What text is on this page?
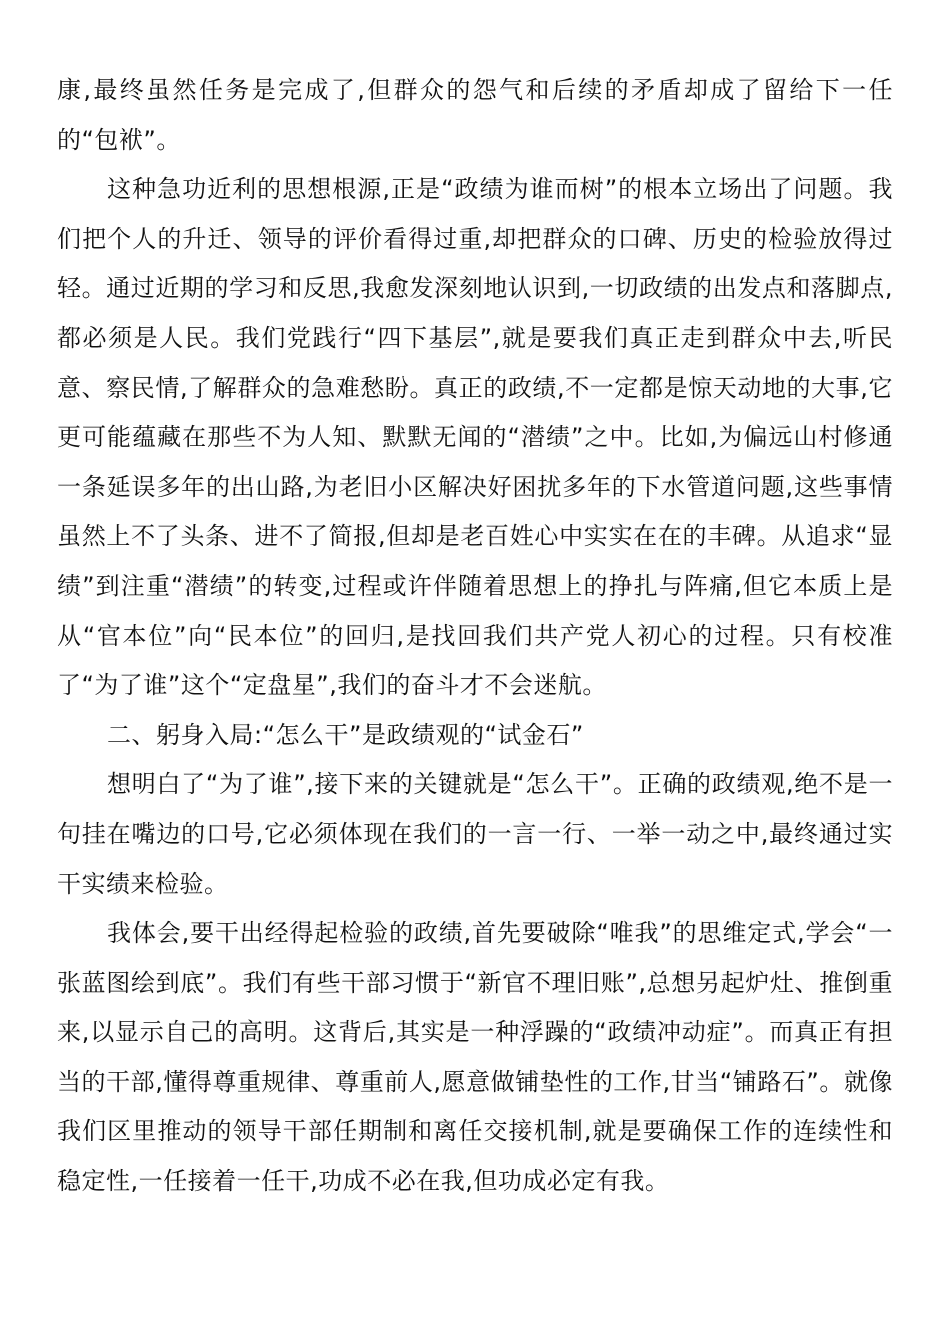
康,最终虽然任务是完成了,但群众的怨气和后续的矛盾却成了留给下一任的“包袱”。

这种急功近利的思想根源,正是“政绩为谁而树”的根本立场出了问题。我们把个人的升迁、领导的评价看得过重,却把群众的口碑、历史的检验放得过轻。通过近期的学习和反思,我愈发深刻地认识到,一切政绩的出发点和落脚点,都必须是人民。我们党践行“四下基层”,就是要我们真正走到群众中去,听民意、察民情,了解群众的急难愁盼。真正的政绩,不一定都是惊天动地的大事,它更可能蕴藏在那些不为人知、默默无闻的“潜绩”之中。比如,为偏远山村修通一条延误多年的出山路,为老旧小区解决好困扰多年的下水管道问题,这些事情虽然上不了头条、进不了简报,但却是老百姓心中实实在在的丰碑。从追求“显绩”到注重“潜绩”的转变,过程或许伴随着思想上的挣扎与阵痛,但它本质上是从“官本位”向“民本位”的回归,是找回我们共产党人初心的过程。只有校准了“为了谁”这个“定盘星”,我们的奋斗才不会迷航。

二、躬身入局:“怎么干”是政绩观的“试金石”

想明白了“为了谁”,接下来的关键就是“怎么干”。正确的政绩观,绝不是一句挂在嘴边的口号,它必须体现在我们的一言一行、一举一动之中,最终通过实干实绩来检验。

我体会,要干出经得起检验的政绩,首先要破除“唯我”的思维定式,学会“一张蓝图绘到底”。我们有些干部习惯于“新官不理旧账”,总想另起炉灶、推倒重来,以显示自己的高明。这背后,其实是一种浮躁的“政绩冲动症”。而真正有担当的干部,懂得尊重规律、尊重前人,愿意做铺垫性的工作,甘当“铺路石”。就像我们区里推动的领导干部任期制和离任交接机制,就是要确保工作的连续性和稳定性,一任接着一任干,功成不必在我,但功成必定有我。
